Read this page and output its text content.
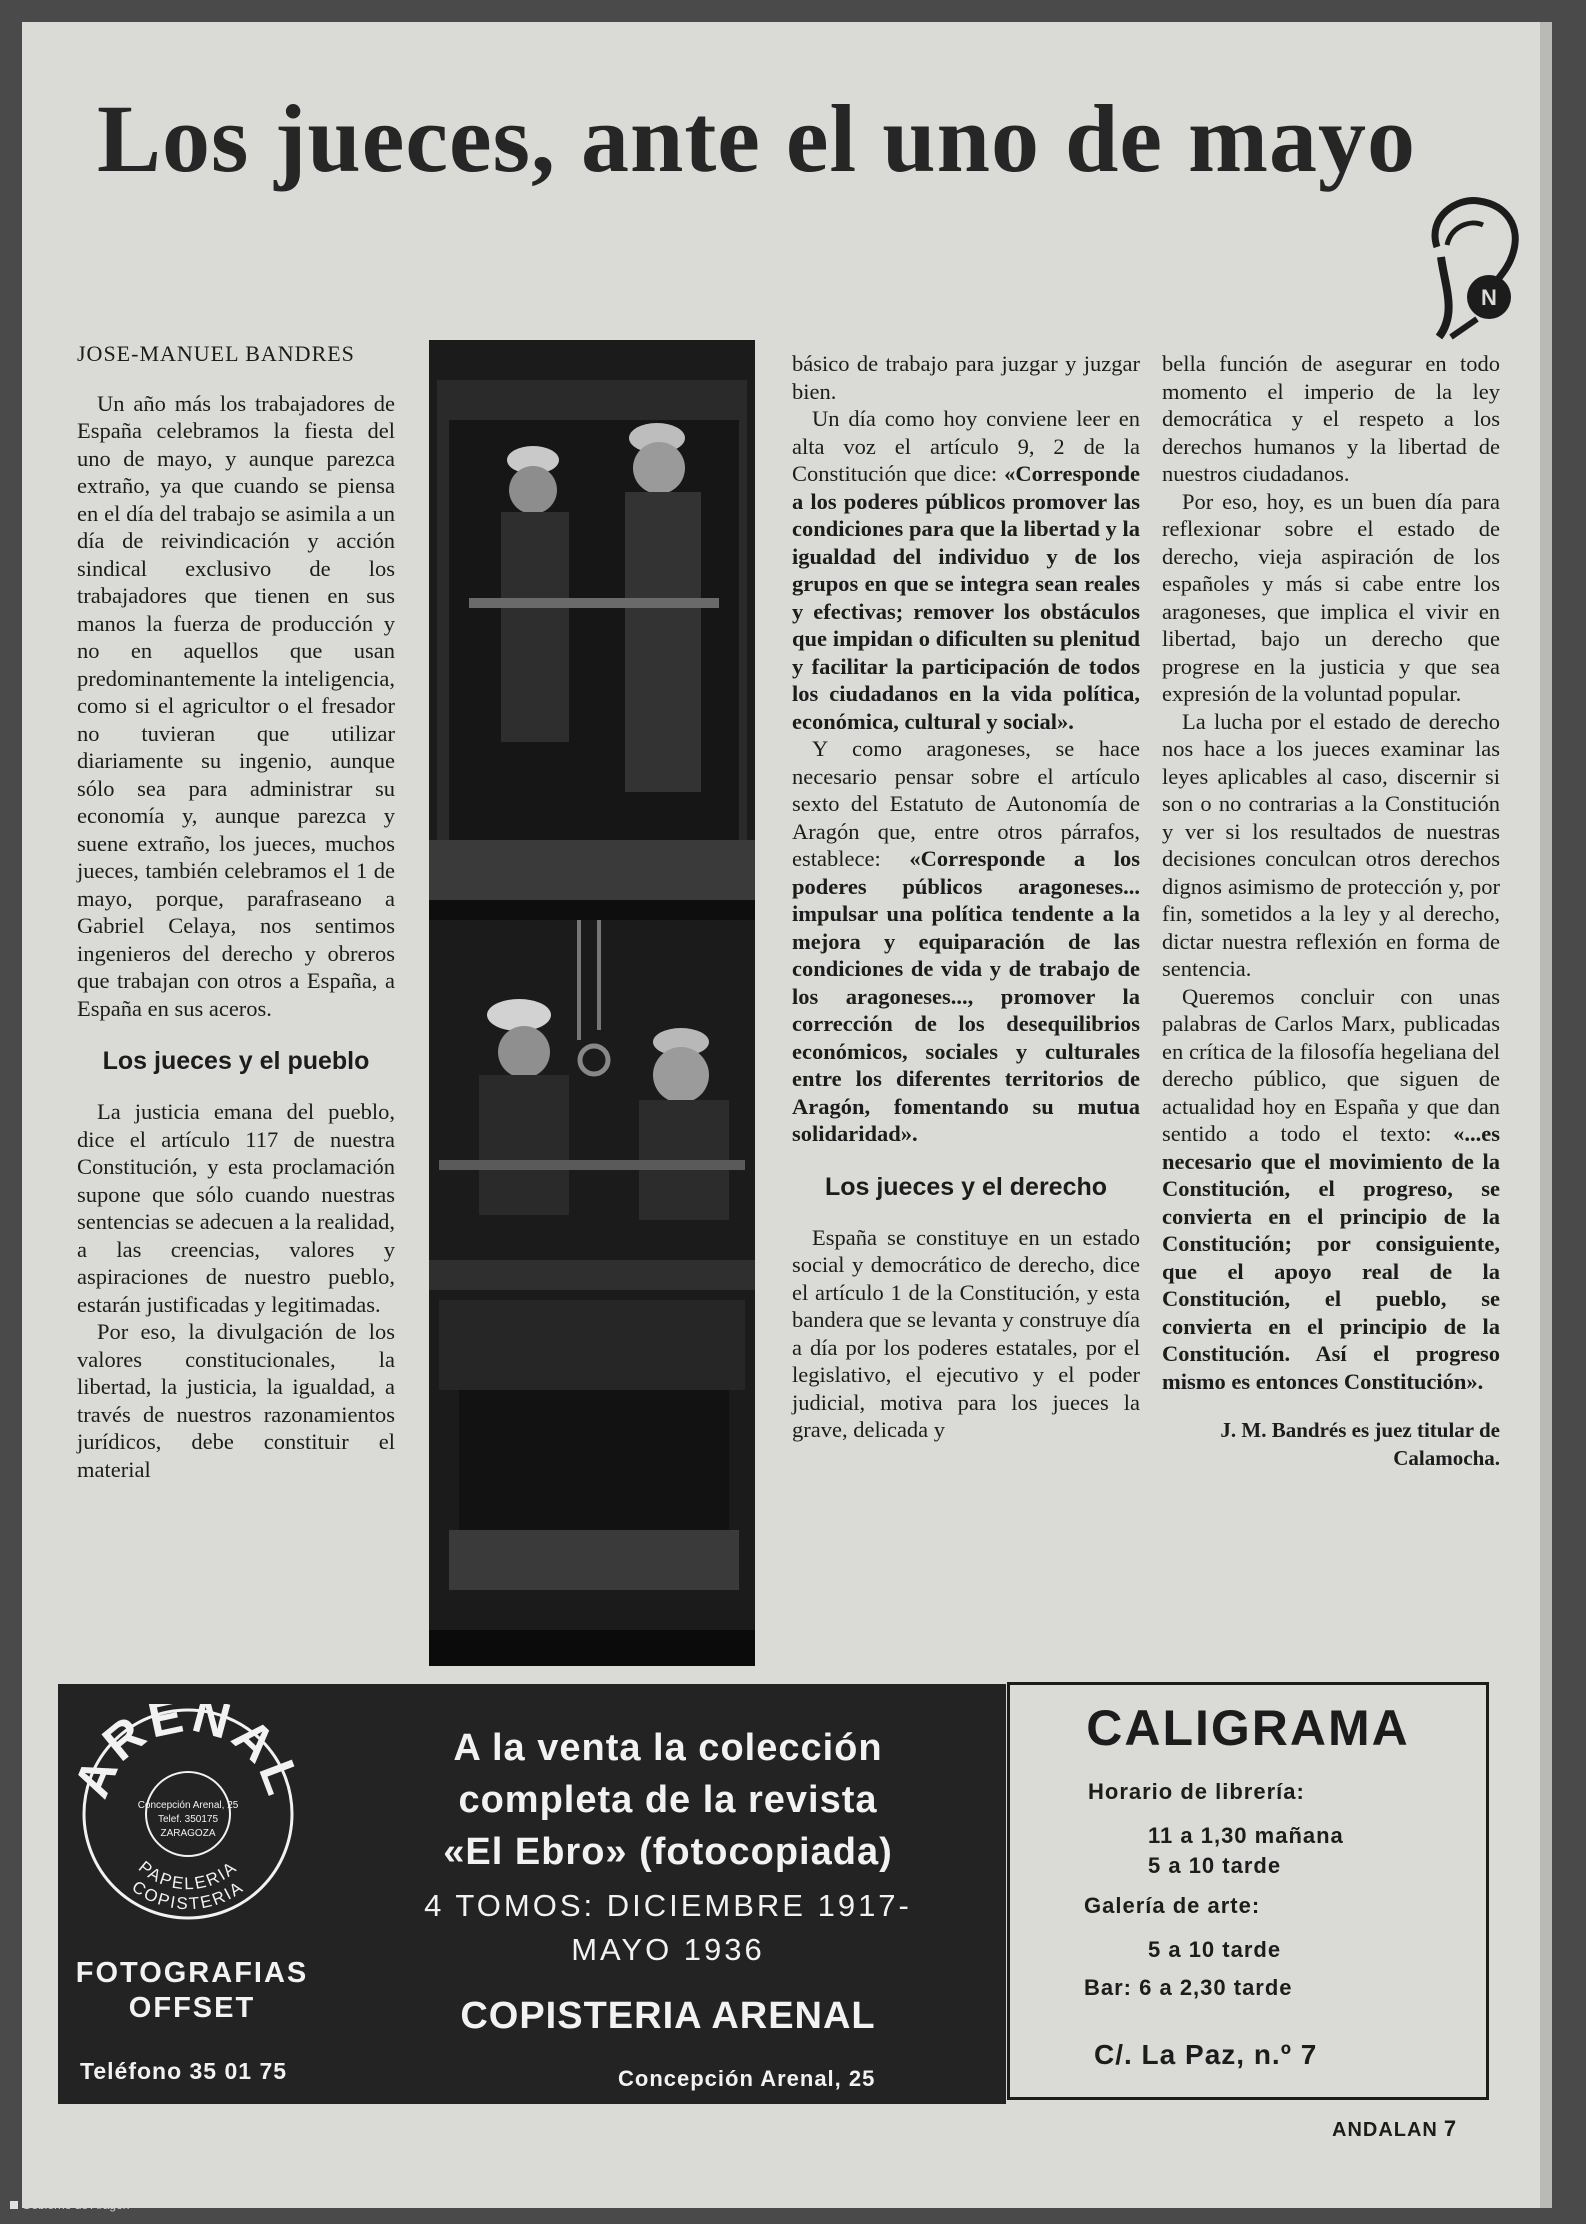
Los jueces, ante el uno de mayo
N

JOSE-MANUEL BANDRES

Un año más los trabajadores de España celebramos la fiesta del uno de mayo, y aunque parezca extraño, ya que cuando se piensa en el día del trabajo se asimila a un día de reivindicación y acción sindical exclusivo de los trabajadores que tienen en sus manos la fuerza de producción y no en aquellos que usan predominantemente la inteligencia, como si el agricultor o el fresador no tuvieran que utilizar diariamente su ingenio, aunque sólo sea para administrar su economía y, aunque parezca y suene extraño, los jueces, muchos jueces, también celebramos el 1 de mayo, porque, parafraseano a Gabriel Celaya, nos sentimos ingenieros del derecho y obreros que trabajan con otros a España, a España en sus aceros.

Los jueces y el pueblo

La justicia emana del pueblo, dice el artículo 117 de nuestra Constitución, y esta proclamación supone que sólo cuando nuestras sentencias se adecuen a la realidad, a las creencias, valores y aspiraciones de nuestro pueblo, estarán justificadas y legitimadas.

Por eso, la divulgación de los valores constitucionales, la libertad, la justicia, la igualdad, a través de nuestros razonamientos jurídicos, debe constituir el material

básico de trabajo para juzgar y juzgar bien.

Un día como hoy conviene leer en alta voz el artículo 9, 2 de la Constitución que dice: «Corresponde a los poderes públicos promover las condiciones para que la libertad y la igualdad del individuo y de los grupos en que se integra sean reales y efectivas; remover los obstáculos que impidan o dificulten su plenitud y facilitar la participación de todos los ciudadanos en la vida política, económica, cultural y social».

Y como aragoneses, se hace necesario pensar sobre el artículo sexto del Estatuto de Autonomía de Aragón que, entre otros párrafos, establece: «Corresponde a los poderes públicos aragoneses... impulsar una política tendente a la mejora y equiparación de las condiciones de vida y de trabajo de los aragoneses..., promover la corrección de los desequilibrios económicos, sociales y culturales entre los diferentes territorios de Aragón, fomentando su mutua solidaridad».

Los jueces y el derecho

España se constituye en un estado social y democrático de derecho, dice el artículo 1 de la Constitución, y esta bandera que se levanta y construye día a día por los poderes estatales, por el legislativo, el ejecutivo y el poder judicial, motiva para los jueces la grave, delicada y

bella función de asegurar en todo momento el imperio de la ley democrática y el respeto a los derechos humanos y la libertad de nuestros ciudadanos.

Por eso, hoy, es un buen día para reflexionar sobre el estado de derecho, vieja aspiración de los españoles y más si cabe entre los aragoneses, que implica el vivir en libertad, bajo un derecho que progrese en la justicia y que sea expresión de la voluntad popular.

La lucha por el estado de derecho nos hace a los jueces examinar las leyes aplicables al caso, discernir si son o no contrarias a la Constitución y ver si los resultados de nuestras decisiones conculcan otros derechos dignos asimismo de protección y, por fin, sometidos a la ley y al derecho, dictar nuestra reflexión en forma de sentencia.

Queremos concluir con unas palabras de Carlos Marx, publicadas en crítica de la filosofía hegeliana del derecho público, que siguen de actualidad hoy en España y que dan sentido a todo el texto: «...es necesario que el movimiento de la Constitución, el progreso, se convierta en el principio de la Constitución; por consiguiente, que el apoyo real de la Constitución, el pueblo, se convierta en el principio de la Constitución. Así el progreso mismo es entonces Constitución».

J. M. Bandrés es juez titular de
Calamocha.

RENA
Concepción Arenal, 25
Telef. 350175
ZARAGOZA
PAPELERIA
COPISTERIA
FOTOGRAFIAS
OFFSET
Teléfono 35 01 75
A la venta la colección
completa de la revista
«El Ebro» (fotocopiada)
4 TOMOS: DICIEMBRE 1917-
MAYO 1936
COPISTERIA ARENAL
Concepción Arenal, 25
CALIGRAMA
Horario de librería:
11 a 1,30 mañana
5 a 10 tarde
Galería de arte:
5 a 10 tarde
Bar: 6 a 2,30 tarde
C/. La Paz, n.º 7
ANDALAN 7
Gobierno de Aragón
